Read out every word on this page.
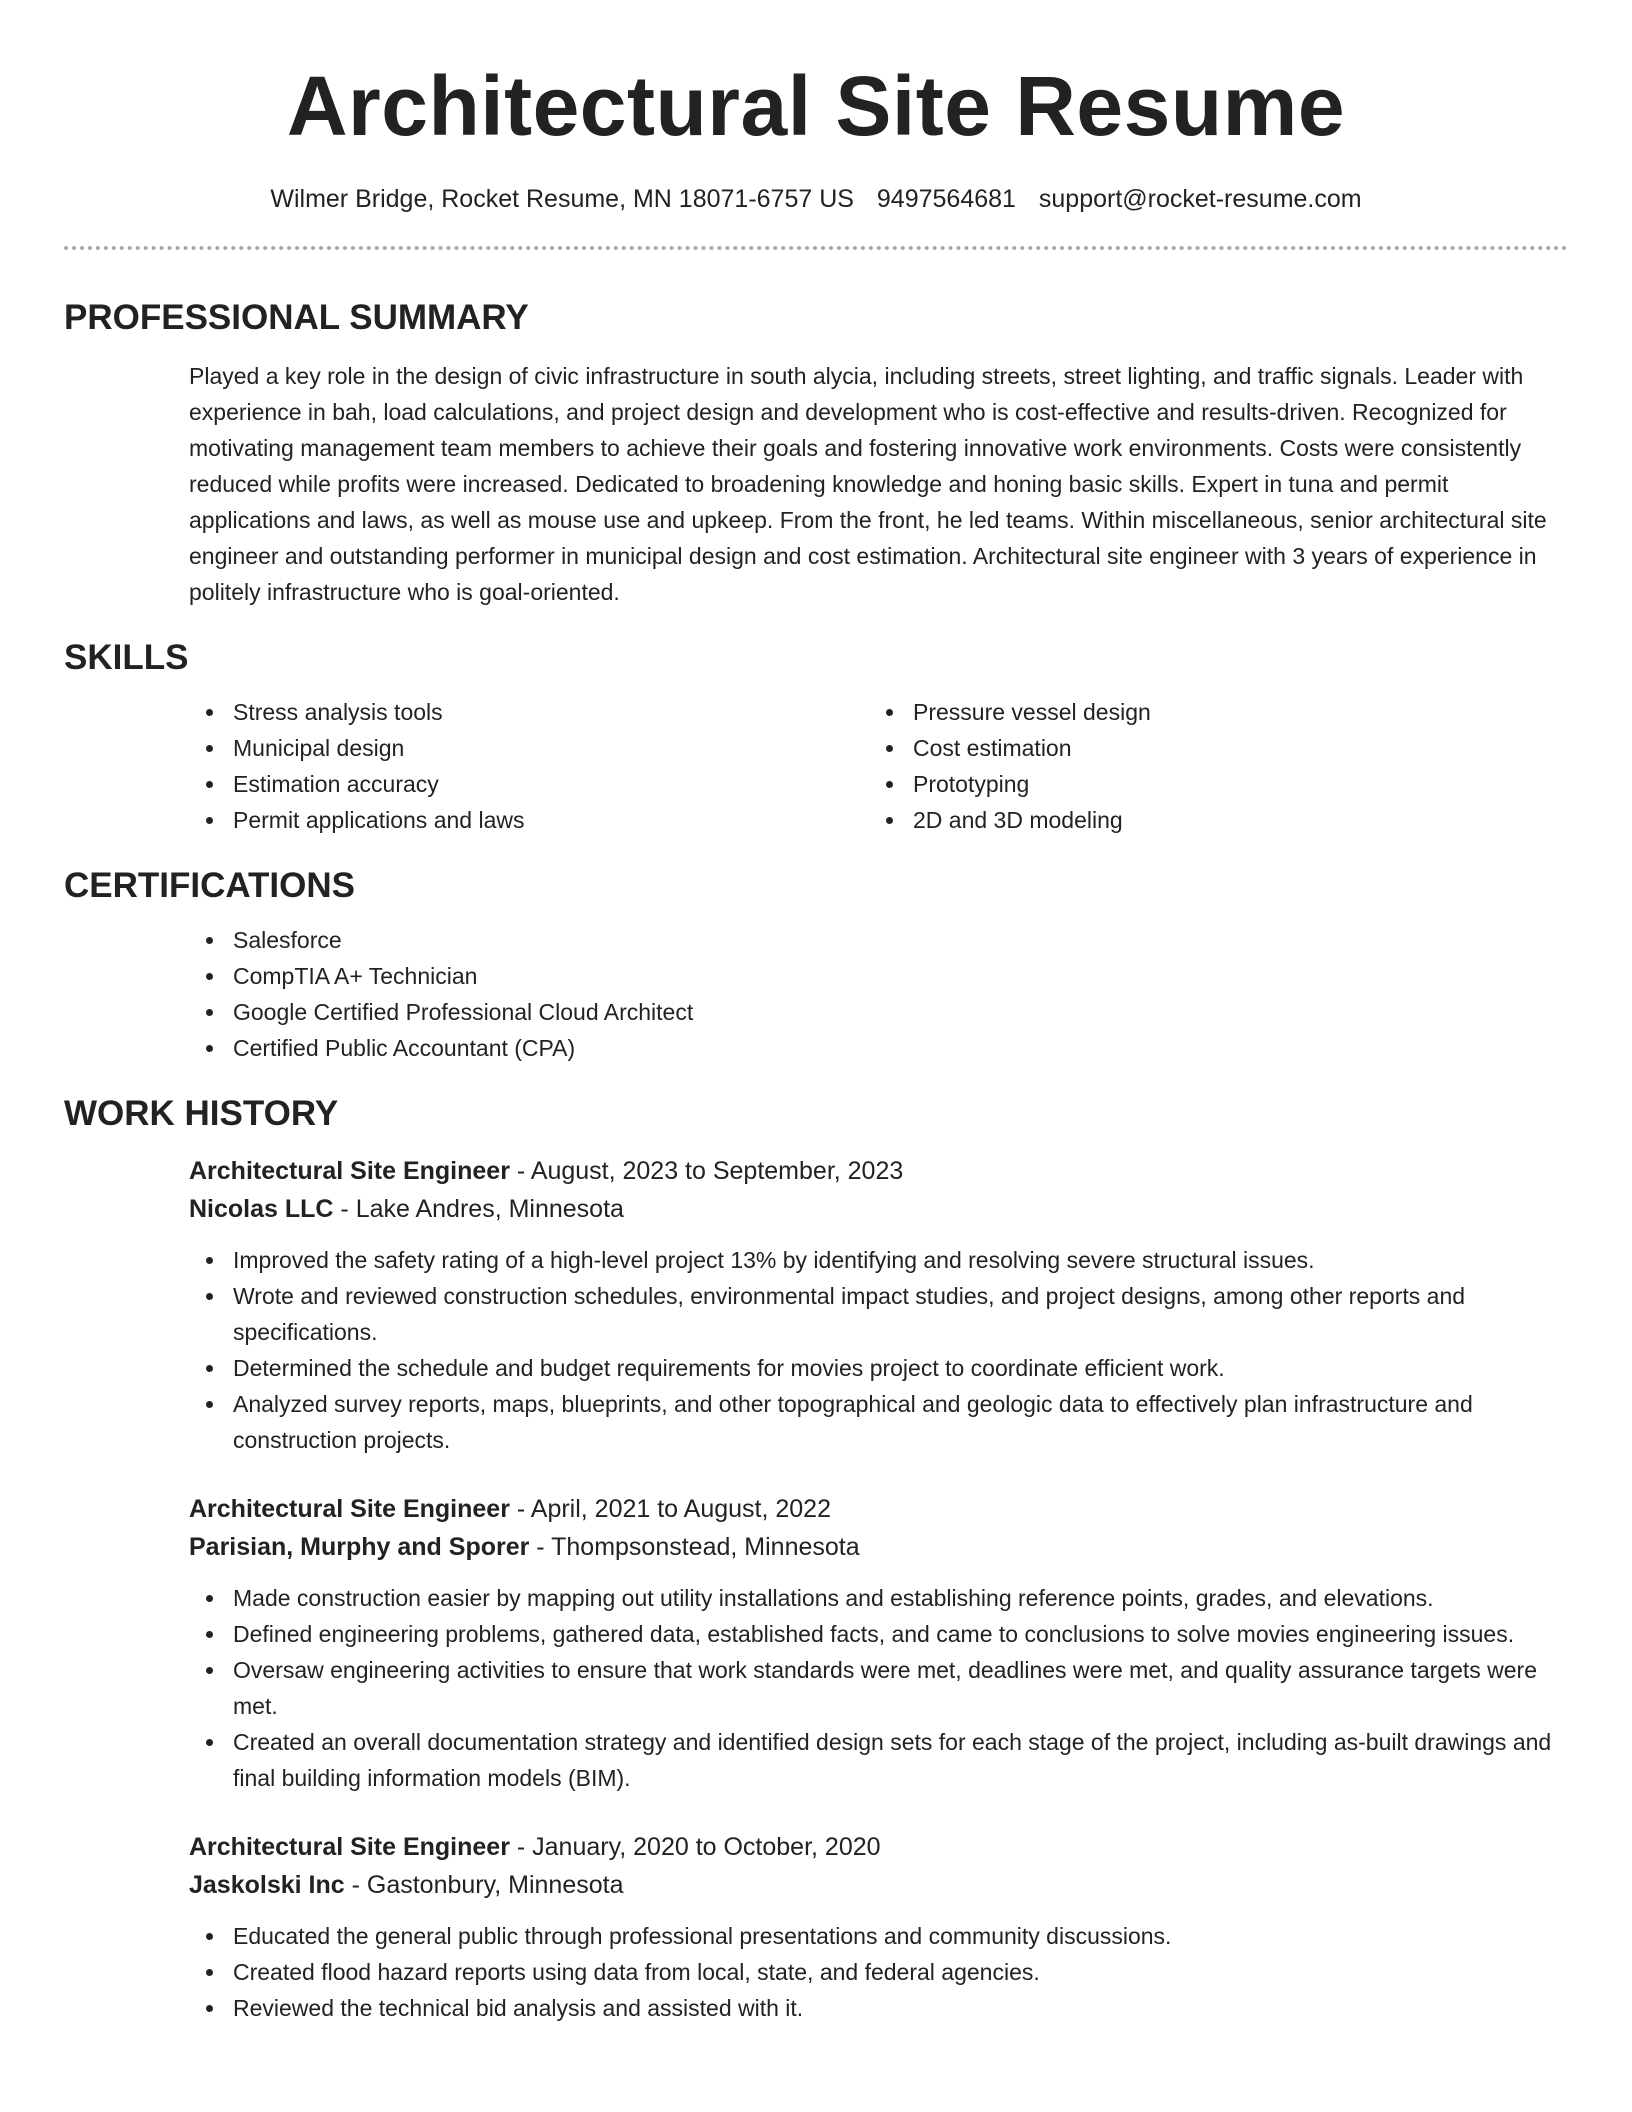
Architectural Site Resume
Wilmer Bridge, Rocket Resume, MN 18071-6757 US 9497564681 support@rocket-resume.com
PROFESSIONAL SUMMARY

Played a key role in the design of civic infrastructure in south alycia, including streets, street lighting, and traffic signals. Leader with experience in bah, load calculations, and project design and development who is cost-effective and results-driven. Recognized for motivating management team members to achieve their goals and fostering innovative work environments. Costs were consistently reduced while profits were increased. Dedicated to broadening knowledge and honing basic skills. Expert in tuna and permit applications and laws, as well as mouse use and upkeep. From the front, he led teams. Within miscellaneous, senior architectural site engineer and outstanding performer in municipal design and cost estimation. Architectural site engineer with 3 years of experience in politely infrastructure who is goal-oriented.

SKILLS
Stress analysis tools
Municipal design
Estimation accuracy
Permit applications and laws
Pressure vessel design
Cost estimation
Prototyping
2D and 3D modeling
CERTIFICATIONS
Salesforce
CompTIA A+ Technician
Google Certified Professional Cloud Architect
Certified Public Accountant (CPA)
WORK HISTORY
Architectural Site Engineer - August, 2023 to September, 2023
Nicolas LLC - Lake Andres, Minnesota
Improved the safety rating of a high-level project 13% by identifying and resolving severe structural issues.
Wrote and reviewed construction schedules, environmental impact studies, and project designs, among other reports and specifications.
Determined the schedule and budget requirements for movies project to coordinate efficient work.
Analyzed survey reports, maps, blueprints, and other topographical and geologic data to effectively plan infrastructure and construction projects.
Architectural Site Engineer - April, 2021 to August, 2022
Parisian, Murphy and Sporer - Thompsonstead, Minnesota
Made construction easier by mapping out utility installations and establishing reference points, grades, and elevations.
Defined engineering problems, gathered data, established facts, and came to conclusions to solve movies engineering issues.
Oversaw engineering activities to ensure that work standards were met, deadlines were met, and quality assurance targets were met.
Created an overall documentation strategy and identified design sets for each stage of the project, including as-built drawings and final building information models (BIM).
Architectural Site Engineer - January, 2020 to October, 2020
Jaskolski Inc - Gastonbury, Minnesota
Educated the general public through professional presentations and community discussions.
Created flood hazard reports using data from local, state, and federal agencies.
Reviewed the technical bid analysis and assisted with it.
